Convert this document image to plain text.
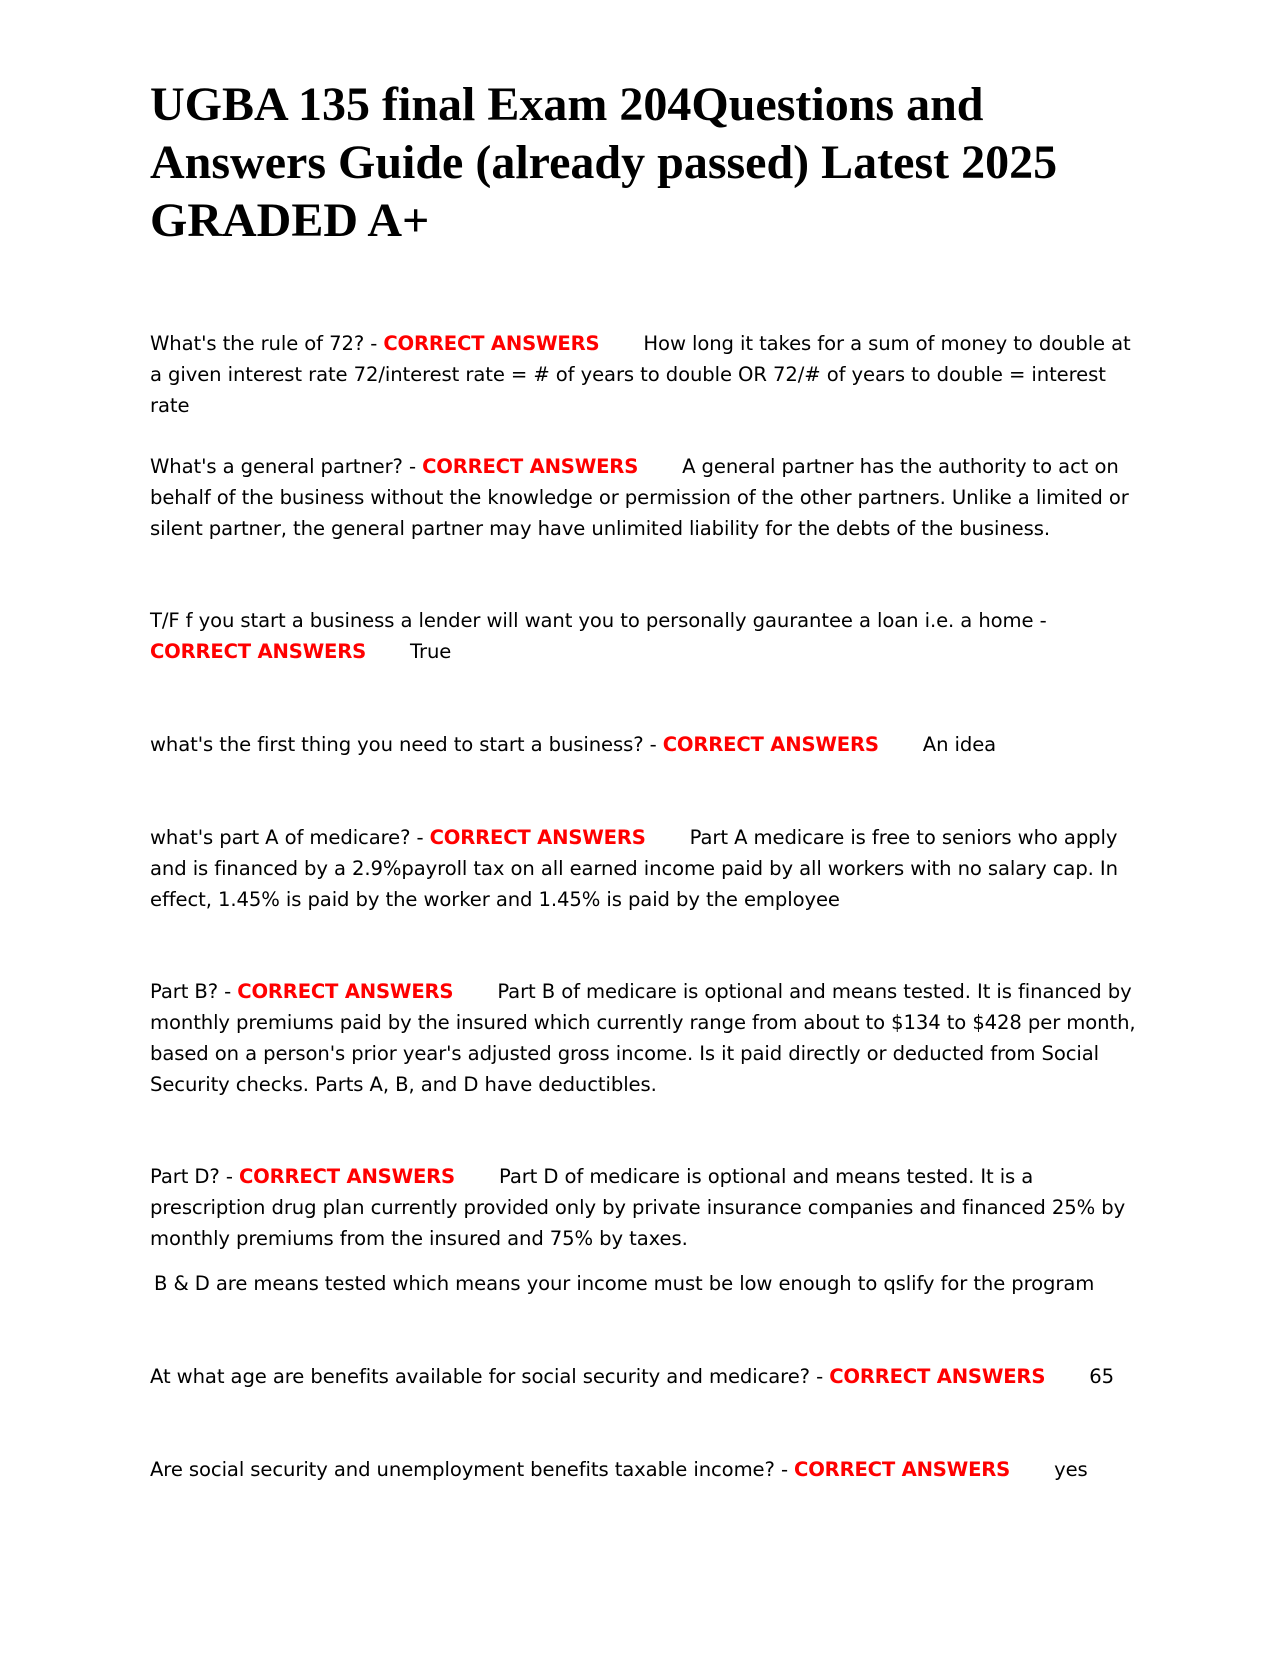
UGBA 135 final Exam 204Questions and Answers Guide (already passed) Latest 2025 GRADED A+

What's the rule of 72? - CORRECT ANSWERS How long it takes for a sum of money to double at a given interest rate 72/interest rate = # of years to double OR 72/# of years to double = interest rate

What's a general partner? - CORRECT ANSWERS A general partner has the authority to act on behalf of the business without the knowledge or permission of the other partners. Unlike a limited or silent partner, the general partner may have unlimited liability for the debts of the business.

T/F f you start a business a lender will want you to personally gaurantee a loan i.e. a home - CORRECT ANSWERS True

what's the first thing you need to start a business? - CORRECT ANSWERS An idea

what's part A of medicare? - CORRECT ANSWERS Part A medicare is free to seniors who apply and is financed by a 2.9%payroll tax on all earned income paid by all workers with no salary cap. In effect, 1.45% is paid by the worker and 1.45% is paid by the employee

Part B? - CORRECT ANSWERS Part B of medicare is optional and means tested. It is financed by monthly premiums paid by the insured which currently range from about to $134 to $428 per month, based on a person's prior year's adjusted gross income. Is it paid directly or deducted from Social Security checks. Parts A, B, and D have deductibles.

Part D? - CORRECT ANSWERS Part D of medicare is optional and means tested. It is a prescription drug plan currently provided only by private insurance companies and financed 25% by monthly premiums from the insured and 75% by taxes.

B & D are means tested which means your income must be low enough to qslify for the program

At what age are benefits available for social security and medicare? - CORRECT ANSWERS 65

Are social security and unemployment benefits taxable income? - CORRECT ANSWERS yes
